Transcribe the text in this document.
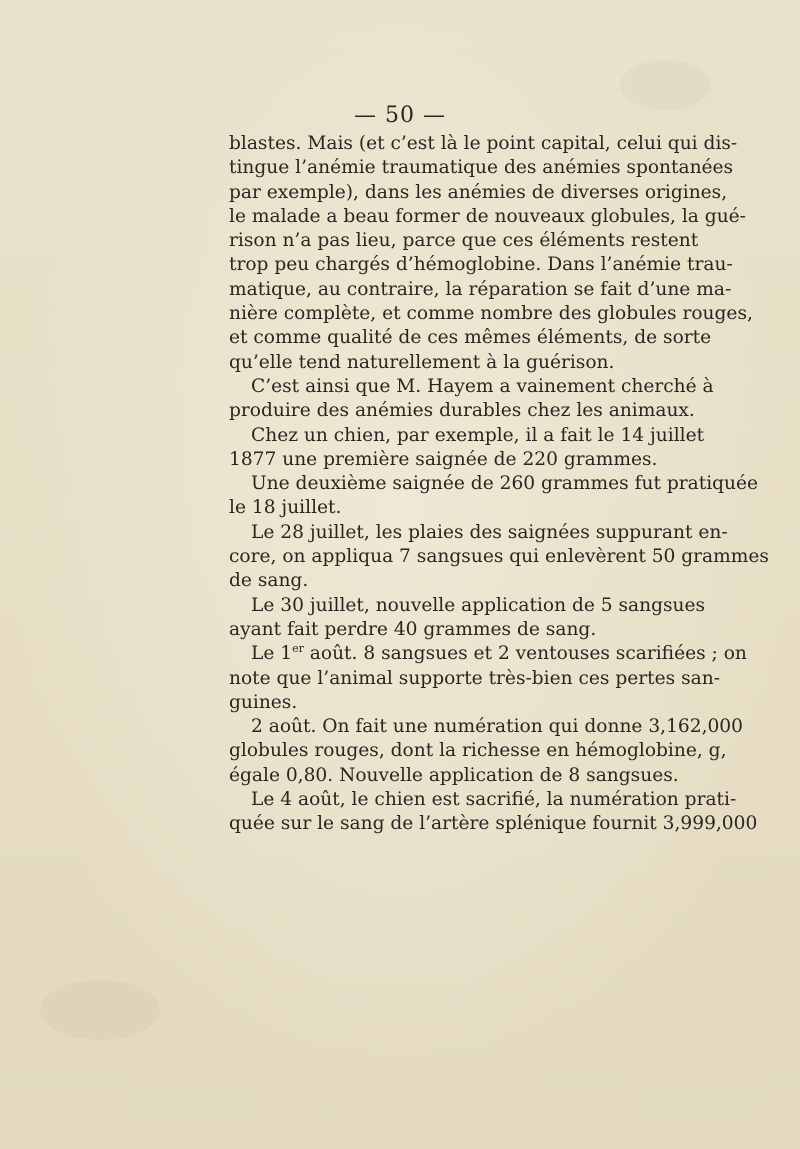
— 50 —
blastes. Mais (et c’est là le point capital, celui qui dis-
tingue l’anémie traumatique des anémies spontanées
par exemple), dans les anémies de diverses origines,
le malade a beau former de nouveaux globules, la gué-
rison n’a pas lieu, parce que ces éléments restent
trop peu chargés d’hémoglobine. Dans l’anémie trau-
matique, au contraire, la réparation se fait d’une ma-
nière complète, et comme nombre des globules rouges,
et comme qualité de ces mêmes éléments, de sorte
qu’elle tend naturellement à la guérison.
C’est ainsi que M. Hayem a vainement cherché à
produire des anémies durables chez les animaux.
Chez un chien, par exemple, il a fait le 14 juillet
1877 une première saignée de 220 grammes.
Une deuxième saignée de 260 grammes fut pratiquée
le 18 juillet.
Le 28 juillet, les plaies des saignées suppurant en-
core, on appliqua 7 sangsues qui enlevèrent 50 grammes
de sang.
Le 30 juillet, nouvelle application de 5 sangsues
ayant fait perdre 40 grammes de sang.
Le 1er août. 8 sangsues et 2 ventouses scarifiées ; on
note que l’animal supporte très-bien ces pertes san-
guines.
2 août. On fait une numération qui donne 3,162,000
globules rouges, dont la richesse en hémoglobine, g,
égale 0,80. Nouvelle application de 8 sangsues.
Le 4 août, le chien est sacrifié, la numération prati-
quée sur le sang de l’artère splénique fournit 3,999,000
